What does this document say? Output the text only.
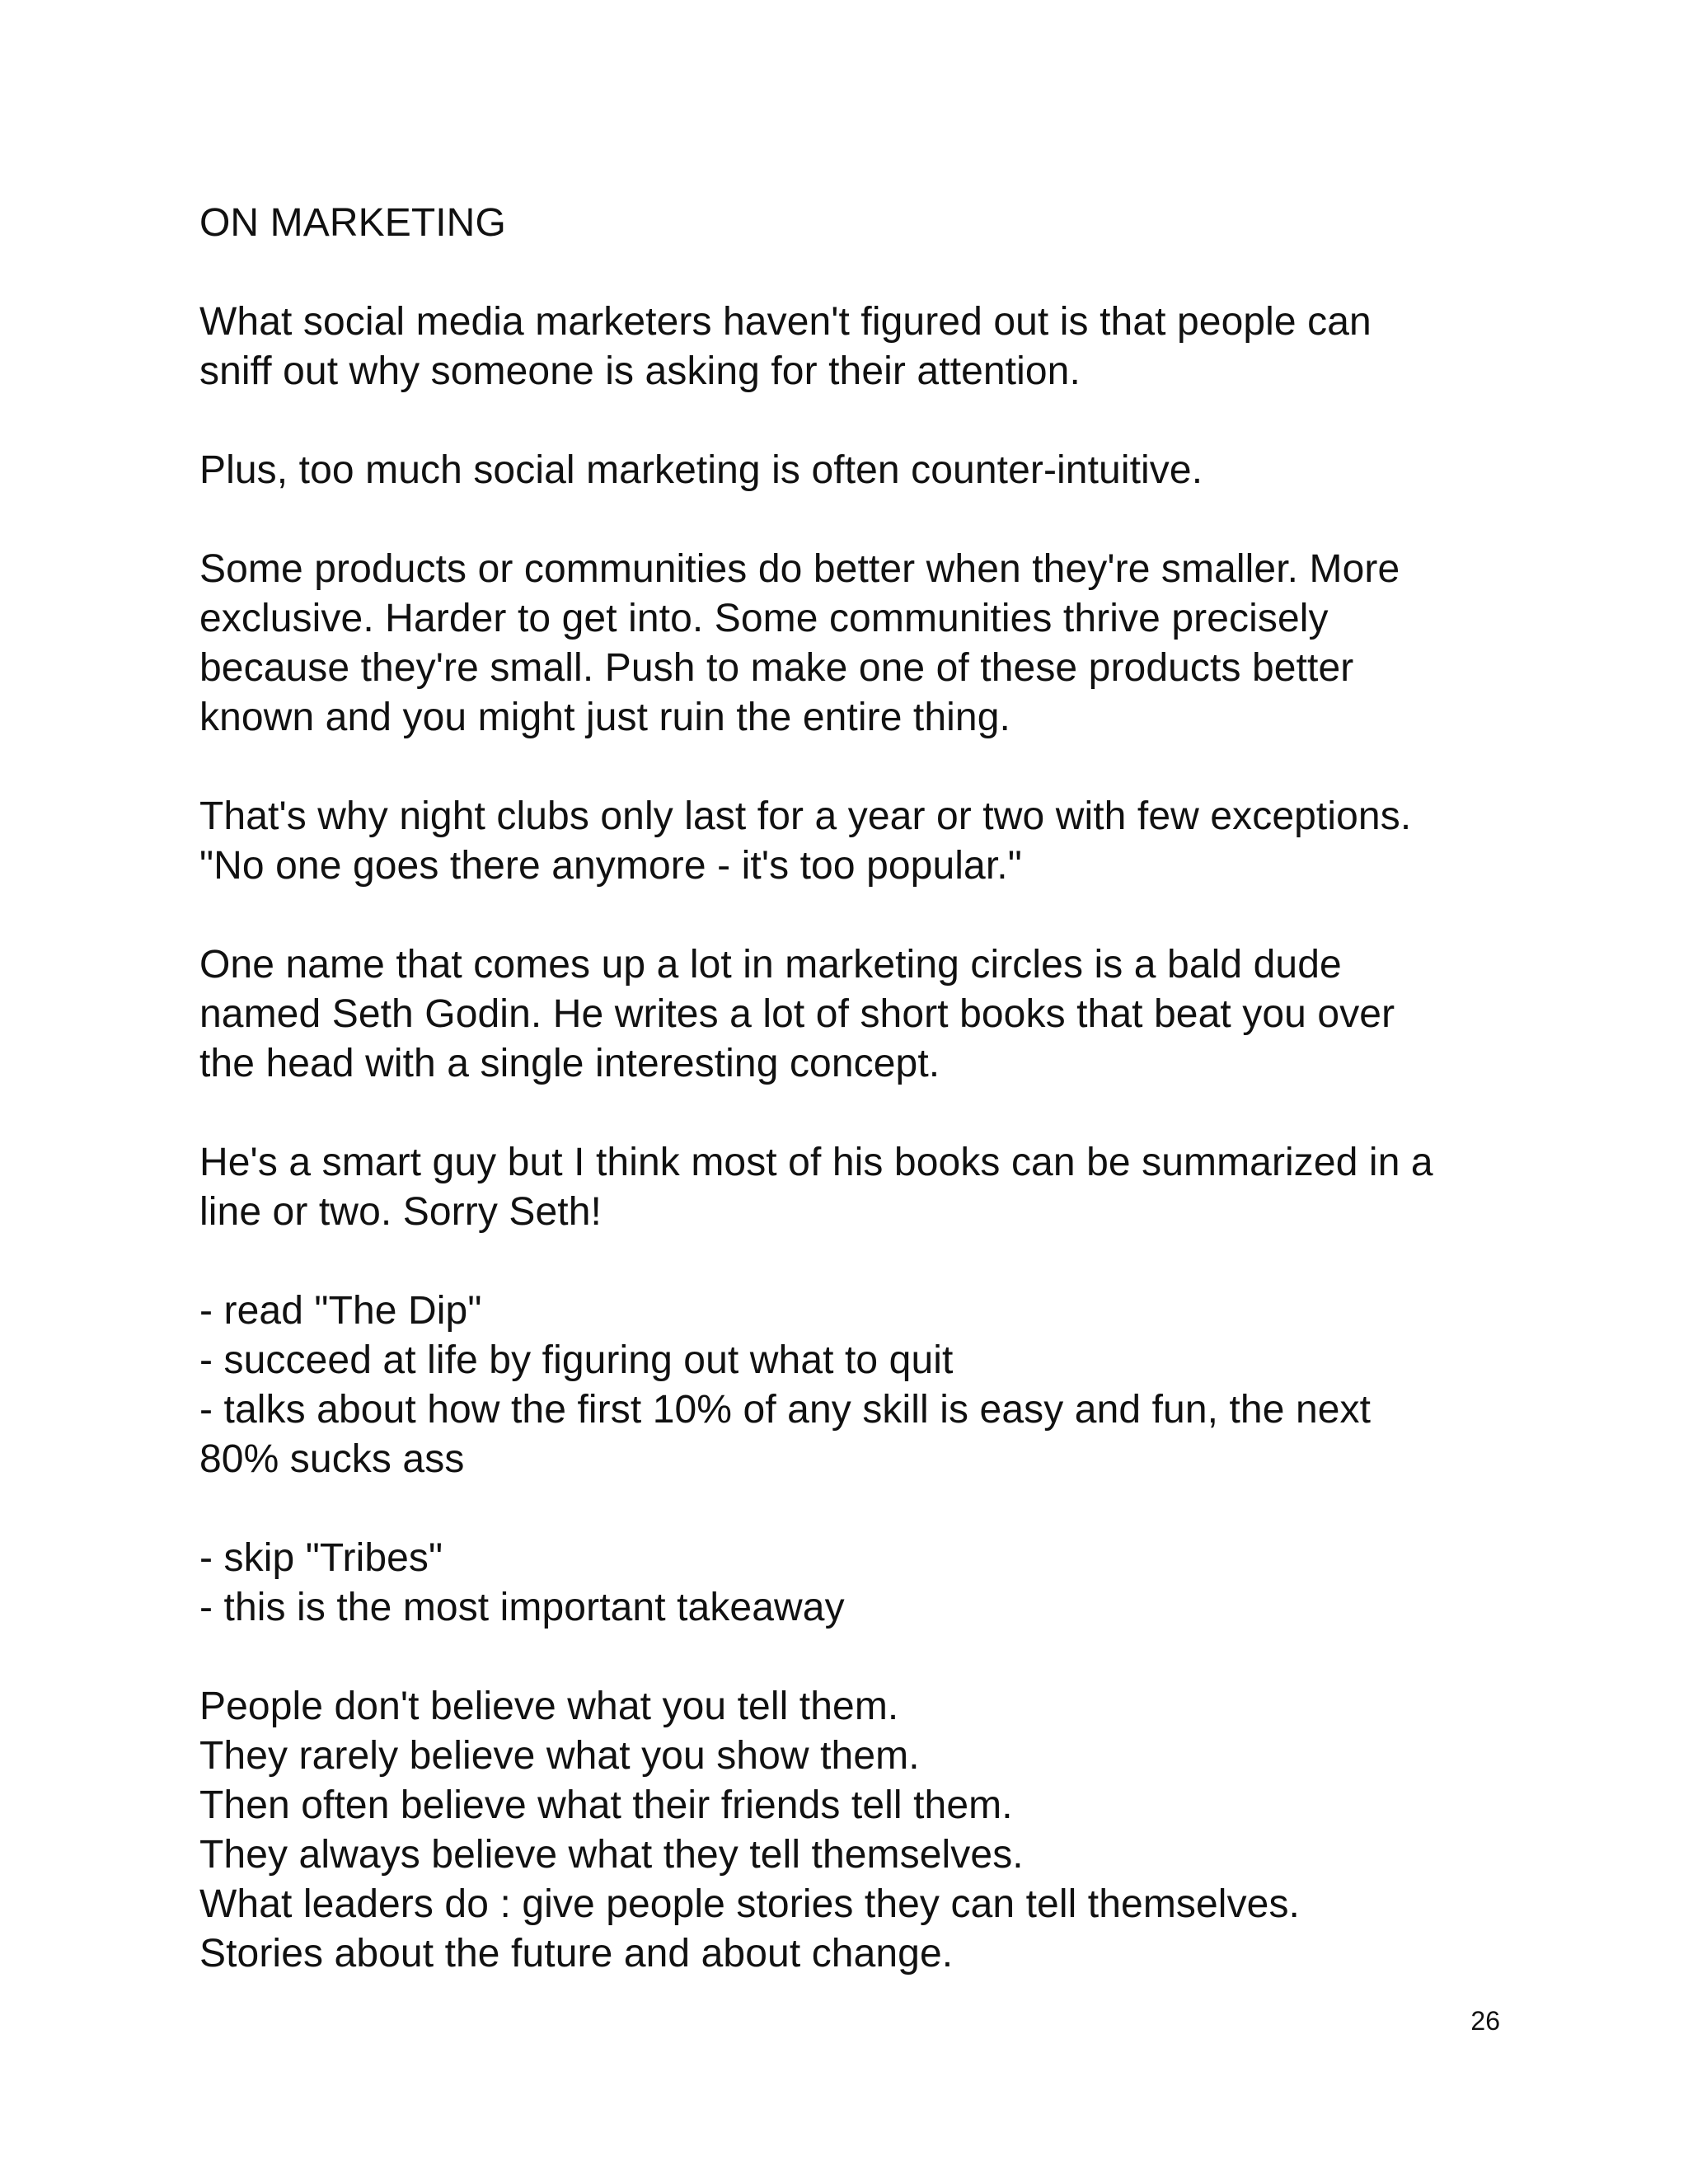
ON MARKETING
What social media marketers haven't figured out is that people can
sniff out why someone is asking for their attention.
Plus, too much social marketing is often counter-intuitive.
Some products or communities do better when they're smaller. More
exclusive. Harder to get into. Some communities thrive precisely
because they're small. Push to make one of these products better
known and you might just ruin the entire thing.
That's why night clubs only last for a year or two with few exceptions.
"No one goes there anymore - it's too popular."
One name that comes up a lot in marketing circles is a bald dude
named Seth Godin. He writes a lot of short books that beat you over
the head with a single interesting concept.
He's a smart guy but I think most of his books can be summarized in a
line or two. Sorry Seth!
- read "The Dip"
- succeed at life by figuring out what to quit
- talks about how the first 10% of any skill is easy and fun, the next
80% sucks ass
- skip "Tribes"
- this is the most important takeaway
People don't believe what you tell them.
They rarely believe what you show them.
Then often believe what their friends tell them.
They always believe what they tell themselves.
What leaders do : give people stories they can tell themselves.
Stories about the future and about change.
26
